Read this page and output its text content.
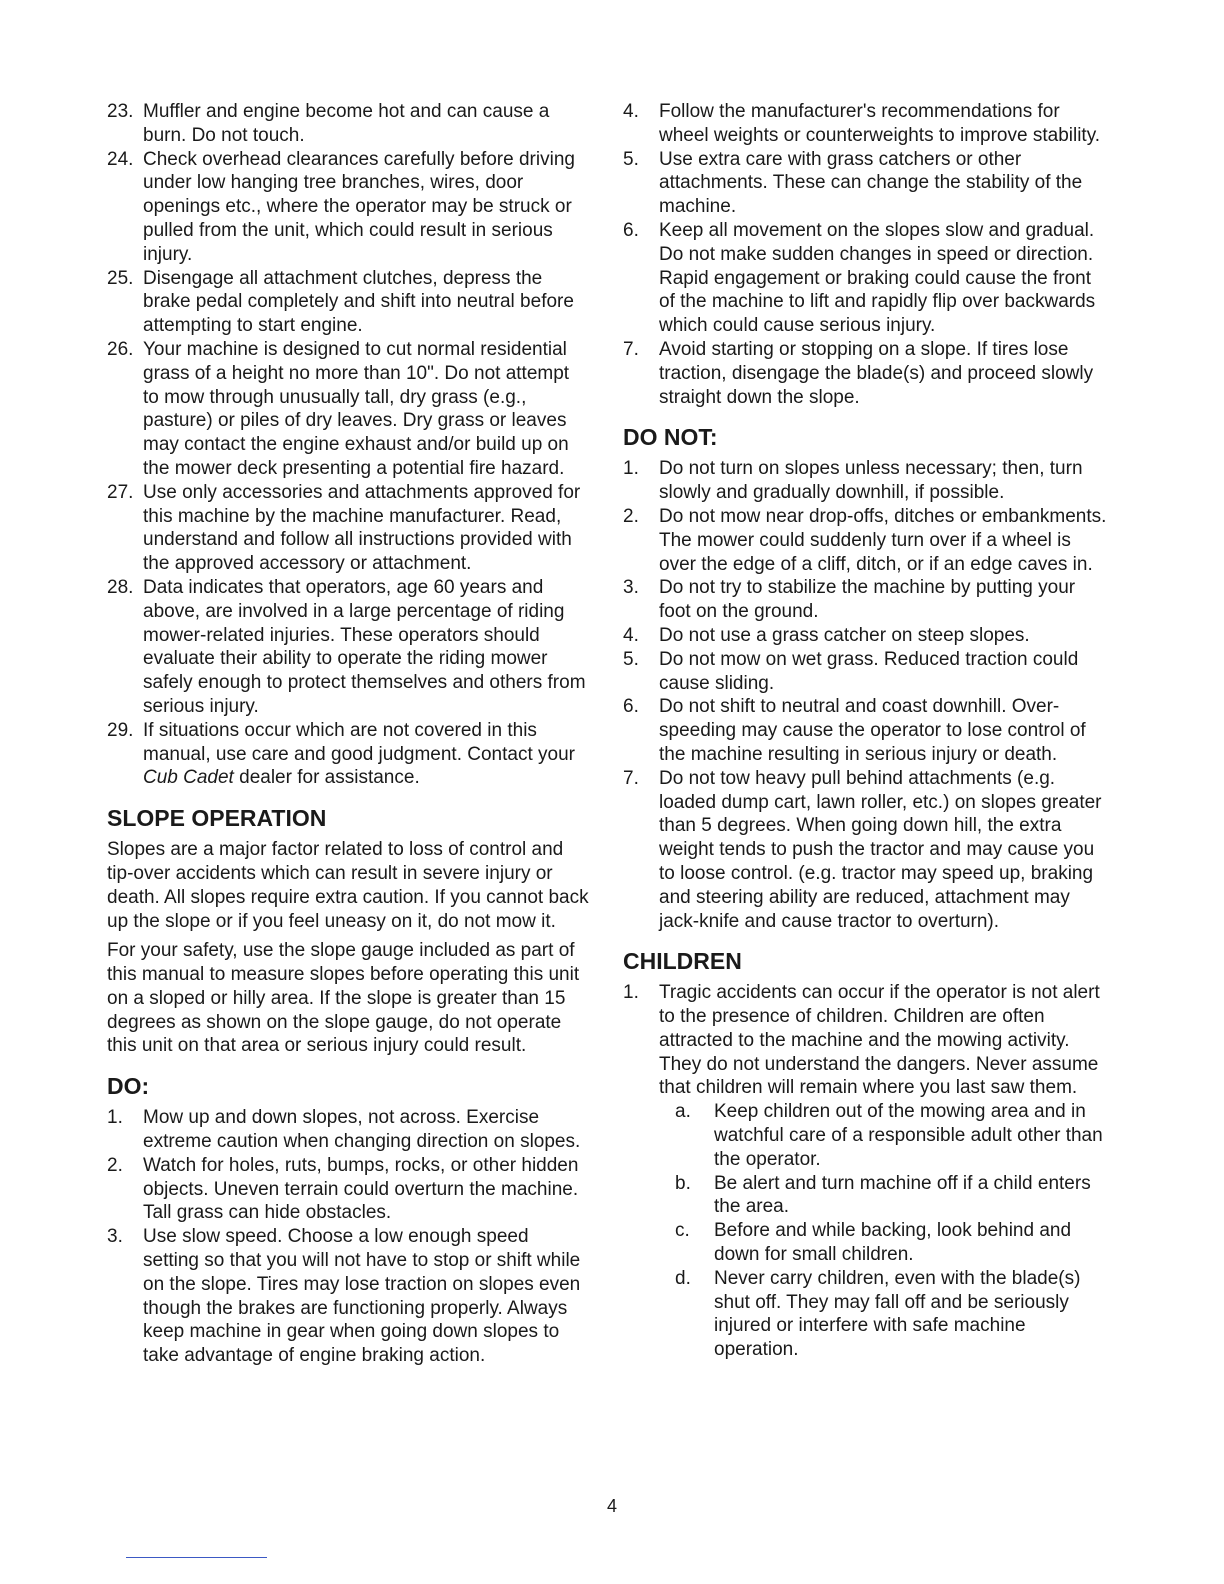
23. Muffler and engine become hot and can cause a burn. Do not touch.
24. Check overhead clearances carefully before driving under low hanging tree branches, wires, door openings etc., where the operator may be struck or pulled from the unit, which could result in serious injury.
25. Disengage all attachment clutches, depress the brake pedal completely and shift into neutral before attempting to start engine.
26. Your machine is designed to cut normal residential grass of a height no more than 10". Do not attempt to mow through unusually tall, dry grass (e.g., pasture) or piles of dry leaves. Dry grass or leaves may contact the engine exhaust and/or build up on the mower deck presenting a potential fire hazard.
27. Use only accessories and attachments approved for this machine by the machine manufacturer. Read, understand and follow all instructions provided with the approved accessory or attachment.
28. Data indicates that operators, age 60 years and above, are involved in a large percentage of riding mower-related injuries. These operators should evaluate their ability to operate the riding mower safely enough to protect themselves and others from serious injury.
29. If situations occur which are not covered in this manual, use care and good judgment. Contact your Cub Cadet dealer for assistance.
SLOPE OPERATION
Slopes are a major factor related to loss of control and tip-over accidents which can result in severe injury or death. All slopes require extra caution. If you cannot back up the slope or if you feel uneasy on it, do not mow it.
For your safety, use the slope gauge included as part of this manual to measure slopes before operating this unit on a sloped or hilly area. If the slope is greater than 15 degrees as shown on the slope gauge, do not operate this unit on that area or serious injury could result.
DO:
1.	Mow up and down slopes, not across. Exercise extreme caution when changing direction on slopes.
2.	Watch for holes, ruts, bumps, rocks, or other hidden objects. Uneven terrain could overturn the machine. Tall grass can hide obstacles.
3.	Use slow speed. Choose a low enough speed setting so that you will not have to stop or shift while on the slope. Tires may lose traction on slopes even though the brakes are functioning properly. Always keep machine in gear when going down slopes to take advantage of engine braking action.
4.	Follow the manufacturer's recommendations for wheel weights or counterweights to improve stability.
5.	Use extra care with grass catchers or other attachments. These can change the stability of the machine.
6.	Keep all movement on the slopes slow and gradual. Do not make sudden changes in speed or direction. Rapid engagement or braking could cause the front of the machine to lift and rapidly flip over backwards which could cause serious injury.
7.	Avoid starting or stopping on a slope. If tires lose traction, disengage the blade(s) and proceed slowly straight down the slope.
DO NOT:
1.	Do not turn on slopes unless necessary; then, turn slowly and gradually downhill, if possible.
2.	Do not mow near drop-offs, ditches or embankments. The mower could suddenly turn over if a wheel is over the edge of a cliff, ditch, or if an edge caves in.
3.	Do not try to stabilize the machine by putting your foot on the ground.
4.	Do not use a grass catcher on steep slopes.
5.	Do not mow on wet grass. Reduced traction could cause sliding.
6.	Do not shift to neutral and coast downhill. Over-speeding may cause the operator to lose control of the machine resulting in serious injury or death.
7.	Do not tow heavy pull behind attachments (e.g. loaded dump cart, lawn roller, etc.) on slopes greater than 5 degrees. When going down hill, the extra weight tends to push the tractor and may cause you to loose control. (e.g. tractor may speed up, braking and steering ability are reduced, attachment may jack-knife and cause tractor to overturn).
CHILDREN
1.	Tragic accidents can occur if the operator is not alert to the presence of children. Children are often attracted to the machine and the mowing activity. They do not understand the dangers. Never assume that children will remain where you last saw them.
a.	Keep children out of the mowing area and in watchful care of a responsible adult other than the operator.
b.	Be alert and turn machine off if a child enters the area.
c.	Before and while backing, look behind and down for small children.
d.	Never carry children, even with the blade(s) shut off. They may fall off and be seriously injured or interfere with safe machine operation.
4
